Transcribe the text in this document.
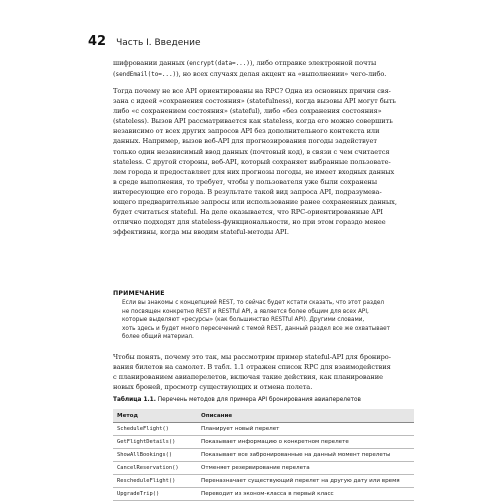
42 Часть I. Введение
шифровании данных (encrypt(data=...)), либо отправке электронной почты
(sendEmail(to=...)), но всех случаях делая акцент на «выполнении» чего-либо.
Тогда почему не все API ориентированы на RPC? Одна из основных причин свя-
зана с идеей «сохранения состояния» (statefulness), когда вызовы API могут быть
либо «с сохранением состояния» (stateful), либо «без сохранения состояния»
(stateless). Вызов API рассматривается как stateless, когда его можно совершить
независимо от всех других запросов API без дополнительного контекста или
данных. Например, вызов веб-API для прогнозирования погоды задействует
только один независимый ввод данных (почтовый код), в связи с чем считается
stateless. С другой стороны, веб-API, который сохраняет выбранные пользовате-
лем города и предоставляет для них прогнозы погоды, не имеет входных данных
в среде выполнения, то требует, чтобы у пользователя уже были сохранены
интересующие его города. В результате такой вид запроса API, подразумева-
ющего предварительные запросы или использование ранее сохраненных данных,
будет считаться stateful. На деле оказывается, что RPC-ориентированные API
отлично подходят для stateless-функциональности, но при этом гораздо менее
эффективны, когда мы вводим stateful-методы API.
ПРИМЕЧАНИЕ
Если вы знакомы с концепцией REST, то сейчас будет кстати сказать, что этот раздел
не посвящен конкретно REST и RESTful API, а является более общим для всех API,
которые выделяют «ресурсы» (как большинство RESTful API). Другими словами,
хоть здесь и будет много пересечений с темой REST, данный раздел все же охватывает
более общий материал.
Чтобы понять, почему это так, мы рассмотрим пример stateful-API для брониро-
вания билетов на самолет. В табл. 1.1 отражен список RPC для взаимодействия
с планированием авиаперелетов, включая такие действия, как планирование
новых броней, просмотр существующих и отмена полета.
Таблица 1.1. Перечень методов для примера API бронирования авиаперелетов
Метод	Описание
ScheduleFlight()	Планирует новый перелет
GetFlightDetails()	Показывает информацию о конкретном перелете
ShowAllBookings()	Показывает все забронированные на данный момент перелеты
CancelReservation()	Отменяет резервирование перелета
RescheduleFlight()	Переназначает существующий перелет на другую дату или время
UpgradeTrip()	Переводит из эконом-класса в первый класс
